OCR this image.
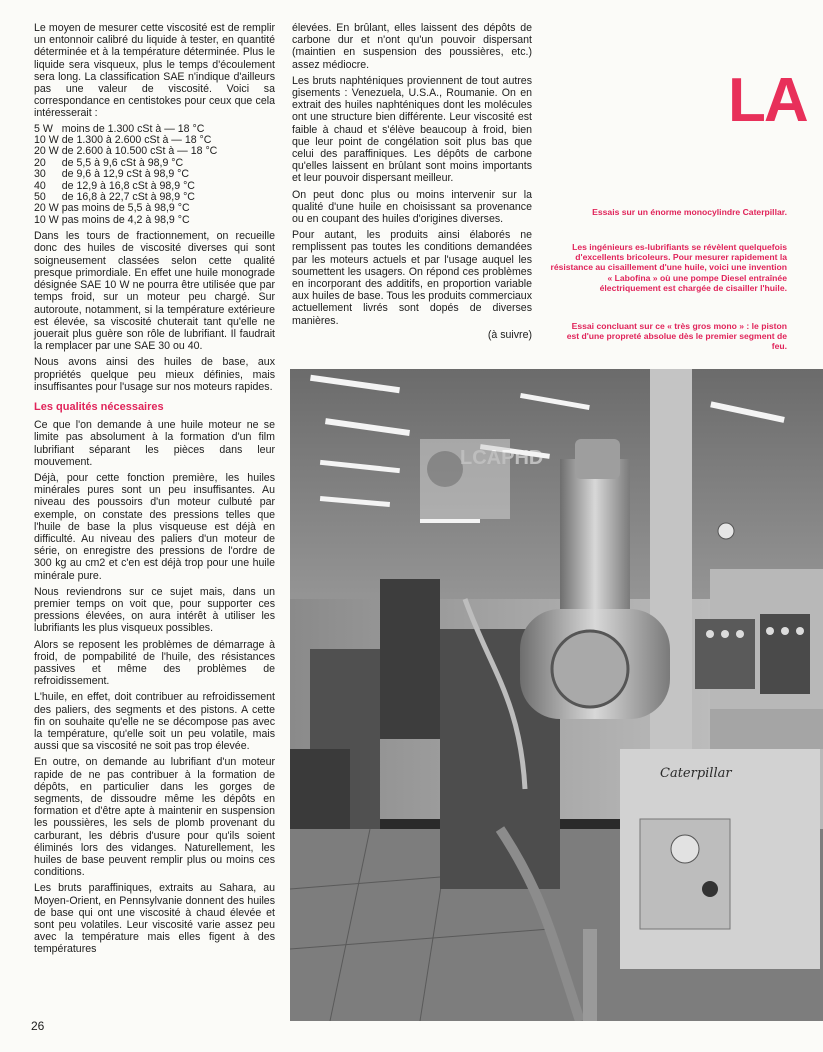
Le moyen de mesurer cette viscosité est de remplir un entonnoir calibré du liquide à tester, en quantité déterminée et à la température déterminée. Plus le liquide sera visqueux, plus le temps d'écoulement sera long. La classification SAE n'indique d'ailleurs pas une valeur de viscosité. Voici sa correspondance en centistokes pour ceux que cela intéresserait :

5 W	moins de 1.300 cSt à — 18 °C
10 W	de 1.300 à 2.600 cSt à — 18 °C
20 W	de 2.600 à 10.500 cSt à — 18 °C
20	de 5,5 à 9,6 cSt à 98,9 °C
30	de 9,6 à 12,9 cSt à 98,9 °C
40	de 12,9 à 16,8 cSt à 98,9 °C
50	de 16,8 à 22,7 cSt à 98,9 °C
20 W	pas moins de 5,5 à 98,9 °C
10 W	pas moins de 4,2 à 98,9 °C

Dans les tours de fractionnement, on recueille donc des huiles de viscosité diverses qui sont soigneusement classées selon cette qualité presque primordiale. En effet une huile monograde désignée SAE 10 W ne pourra être utilisée que par temps froid, sur un moteur peu chargé. Sur autoroute, notamment, si la température extérieure est élevée, sa viscosité chuterait tant qu'elle ne jouerait plus guère son rôle de lubrifiant. Il faudrait la remplacer par une SAE 30 ou 40.

Nous avons ainsi des huiles de base, aux propriétés quelque peu mieux définies, mais insuffisantes pour l'usage sur nos moteurs rapides.

Les qualités nécessaires

Ce que l'on demande à une huile moteur ne se limite pas absolument à la formation d'un film lubrifiant séparant les pièces dans leur mouvement.

Déjà, pour cette fonction première, les huiles minérales pures sont un peu insuffisantes. Au niveau des poussoirs d'un moteur culbuté par exemple, on constate des pressions telles que l'huile de base la plus visqueuse est déjà en difficulté. Au niveau des paliers d'un moteur de série, on enregistre des pressions de l'ordre de 300 kg au cm2 et c'en est déjà trop pour une huile minérale pure.

Nous reviendrons sur ce sujet mais, dans un premier temps on voit que, pour supporter ces pressions élevées, on aura intérêt à utiliser les lubrifiants les plus visqueux possibles.

Alors se reposent les problèmes de démarrage à froid, de pompabilité de l'huile, des résistances passives et même des problèmes de refroidissement.

L'huile, en effet, doit contribuer au refroidissement des paliers, des segments et des pistons. A cette fin on souhaite qu'elle ne se décompose pas avec la température, qu'elle soit un peu volatile, mais aussi que sa viscosité ne soit pas trop élevée.

En outre, on demande au lubrifiant d'un moteur rapide de ne pas contribuer à la formation de dépôts, en particulier dans les gorges de segments, de dissoudre même les dépôts en formation et d'être apte à maintenir en suspension les poussières, les sels de plomb provenant du carburant, les débris d'usure pour qu'ils soient éliminés lors des vidanges. Naturellement, les huiles de base peuvent remplir plus ou moins ces conditions.

Les bruts paraffiniques, extraits au Sahara, au Moyen-Orient, en Pennsylvanie donnent des huiles de base qui ont une viscosité à chaud élevée et sont peu volatiles. Leur viscosité varie assez peu avec la température mais elles figent à des températures

élevées. En brûlant, elles laissent des dépôts de carbone dur et n'ont qu'un pouvoir dispersant (maintien en suspension des poussières, etc.) assez médiocre.

Les bruts naphténiques proviennent de tout autres gisements : Venezuela, U.S.A., Roumanie. On en extrait des huiles naphténiques dont les molécules ont une structure bien différente. Leur viscosité est faible à chaud et s'élève beaucoup à froid, bien que leur point de congélation soit plus bas que celui des paraffiniques. Les dépôts de carbone qu'elles laissent en brûlant sont moins importants et leur pouvoir dispersant meilleur.

On peut donc plus ou moins intervenir sur la qualité d'une huile en choisissant sa provenance ou en coupant des huiles d'origines diverses.

Pour autant, les produits ainsi élaborés ne remplissent pas toutes les conditions demandées par les moteurs actuels et par l'usage auquel les soumettent les usagers. On répond ces problèmes en incorporant des additifs, en proportion variable aux huiles de base. Tous les produits commerciaux actuellement livrés sont dopés de diverses manières.

(à suivre)
LA
Essais sur un énorme monocylindre Caterpillar.
Les ingénieurs es-lubrifiants se révèlent quelquefois d'excellents bricoleurs. Pour mesurer rapidement la résistance au cisaillement d'une huile, voici une invention « Labofina » où une pompe Diesel entraînée électriquement est chargée de cisailler l'huile.
Essai concluant sur ce « très gros mono » : le piston est d'une propreté absolue dès le premier segment de feu.
Caterpillar
LCAPHD
26
